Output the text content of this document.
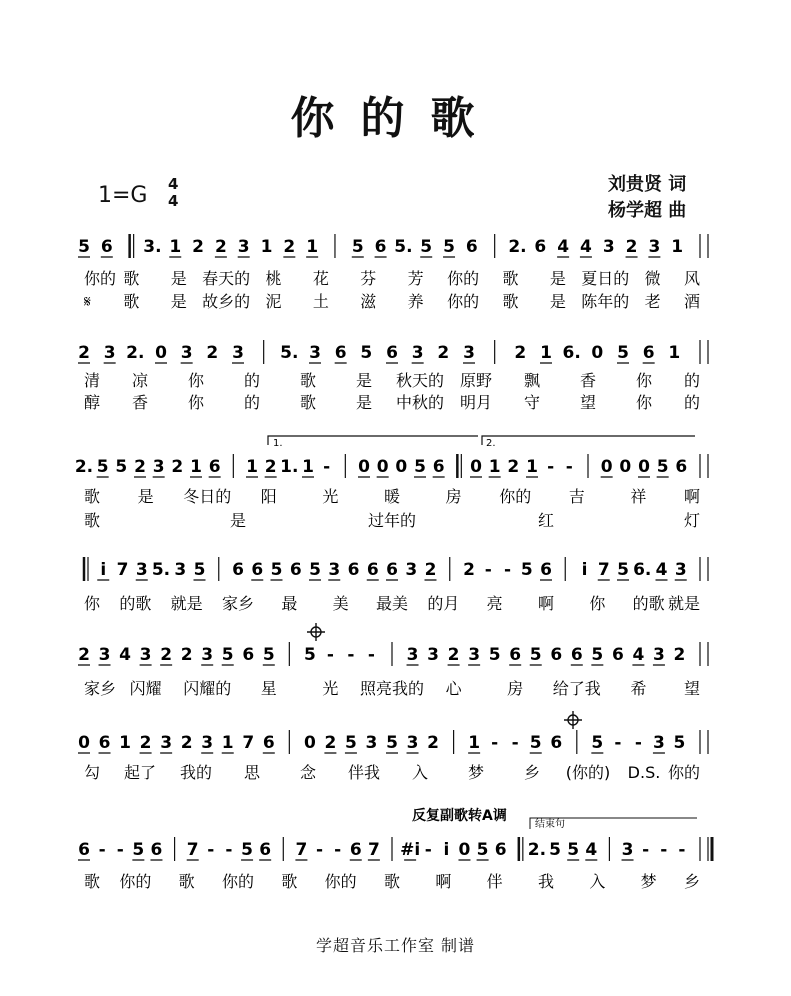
你的歌
1=G 4
4
刘贵贤 词
杨学超 曲
5 6 3. 1 2 2 3 1 2 1 5 6 5. 5 5 6 2. 6 4 4 3 2 3 1
2 3 2. 0 3 2 3 5. 3 6 5 6 3 2 3 2 1 6. 0 5 6 1
2. 5 5 2 3 2 1 6 1 2 1. 1 - 0 0 0 5 6 0 1 2 1 - - 0 0 0 5 6
i 7 3 5. 3 5 6 6 5 6 5 3 6 6 6 3 2 2 - - 5 6 i 7 5 6. 4 3
2 3 4 3 2 2 3 5 6 5 5 - - - 3 3 2 3 5 6 5 6 6 5 6 4 3 2
0 6 1 2 3 2 3 1 7 6 0 2 5 3 5 3 2 1 - - 5 6 5 - - 3 5
6 - - 5 6 7 - - 5 6 7 - - 6 7 #i - i 0 5 6 2. 5 5 4 3 - - -
你的 歌 是 春天的 桃 花 芬 芳 你的 歌 是 夏日的 微 风
𝄋 歌 是 故乡的 泥 土 滋 养 你的 歌 是 陈年的 老 酒
清 凉 你 的 歌 是 秋天的 原野 飘 香 你 的
醇 香 你 的 歌 是 中秋的 明月 守 望 你 的
歌 是 冬日的 阳	光	暖	房 你的 吉	祥 啊
歌	是	过年的	红	灯
你 的歌 就是 家乡 最 美 最美 的月 亮 啊 你 的歌 就是
家乡 闪耀 闪耀的 星	光 照亮我的 心	房 给了我 希 望
勾 起了 我的 思 念 伴我 入 梦 乡 (你的) D.S. 你的
歌 你的 歌 你的 歌 你的 歌 啊 伴 我 入 梦 乡
1.	2.
反复副歌转A调
结束句
学超音乐工作室 制谱
